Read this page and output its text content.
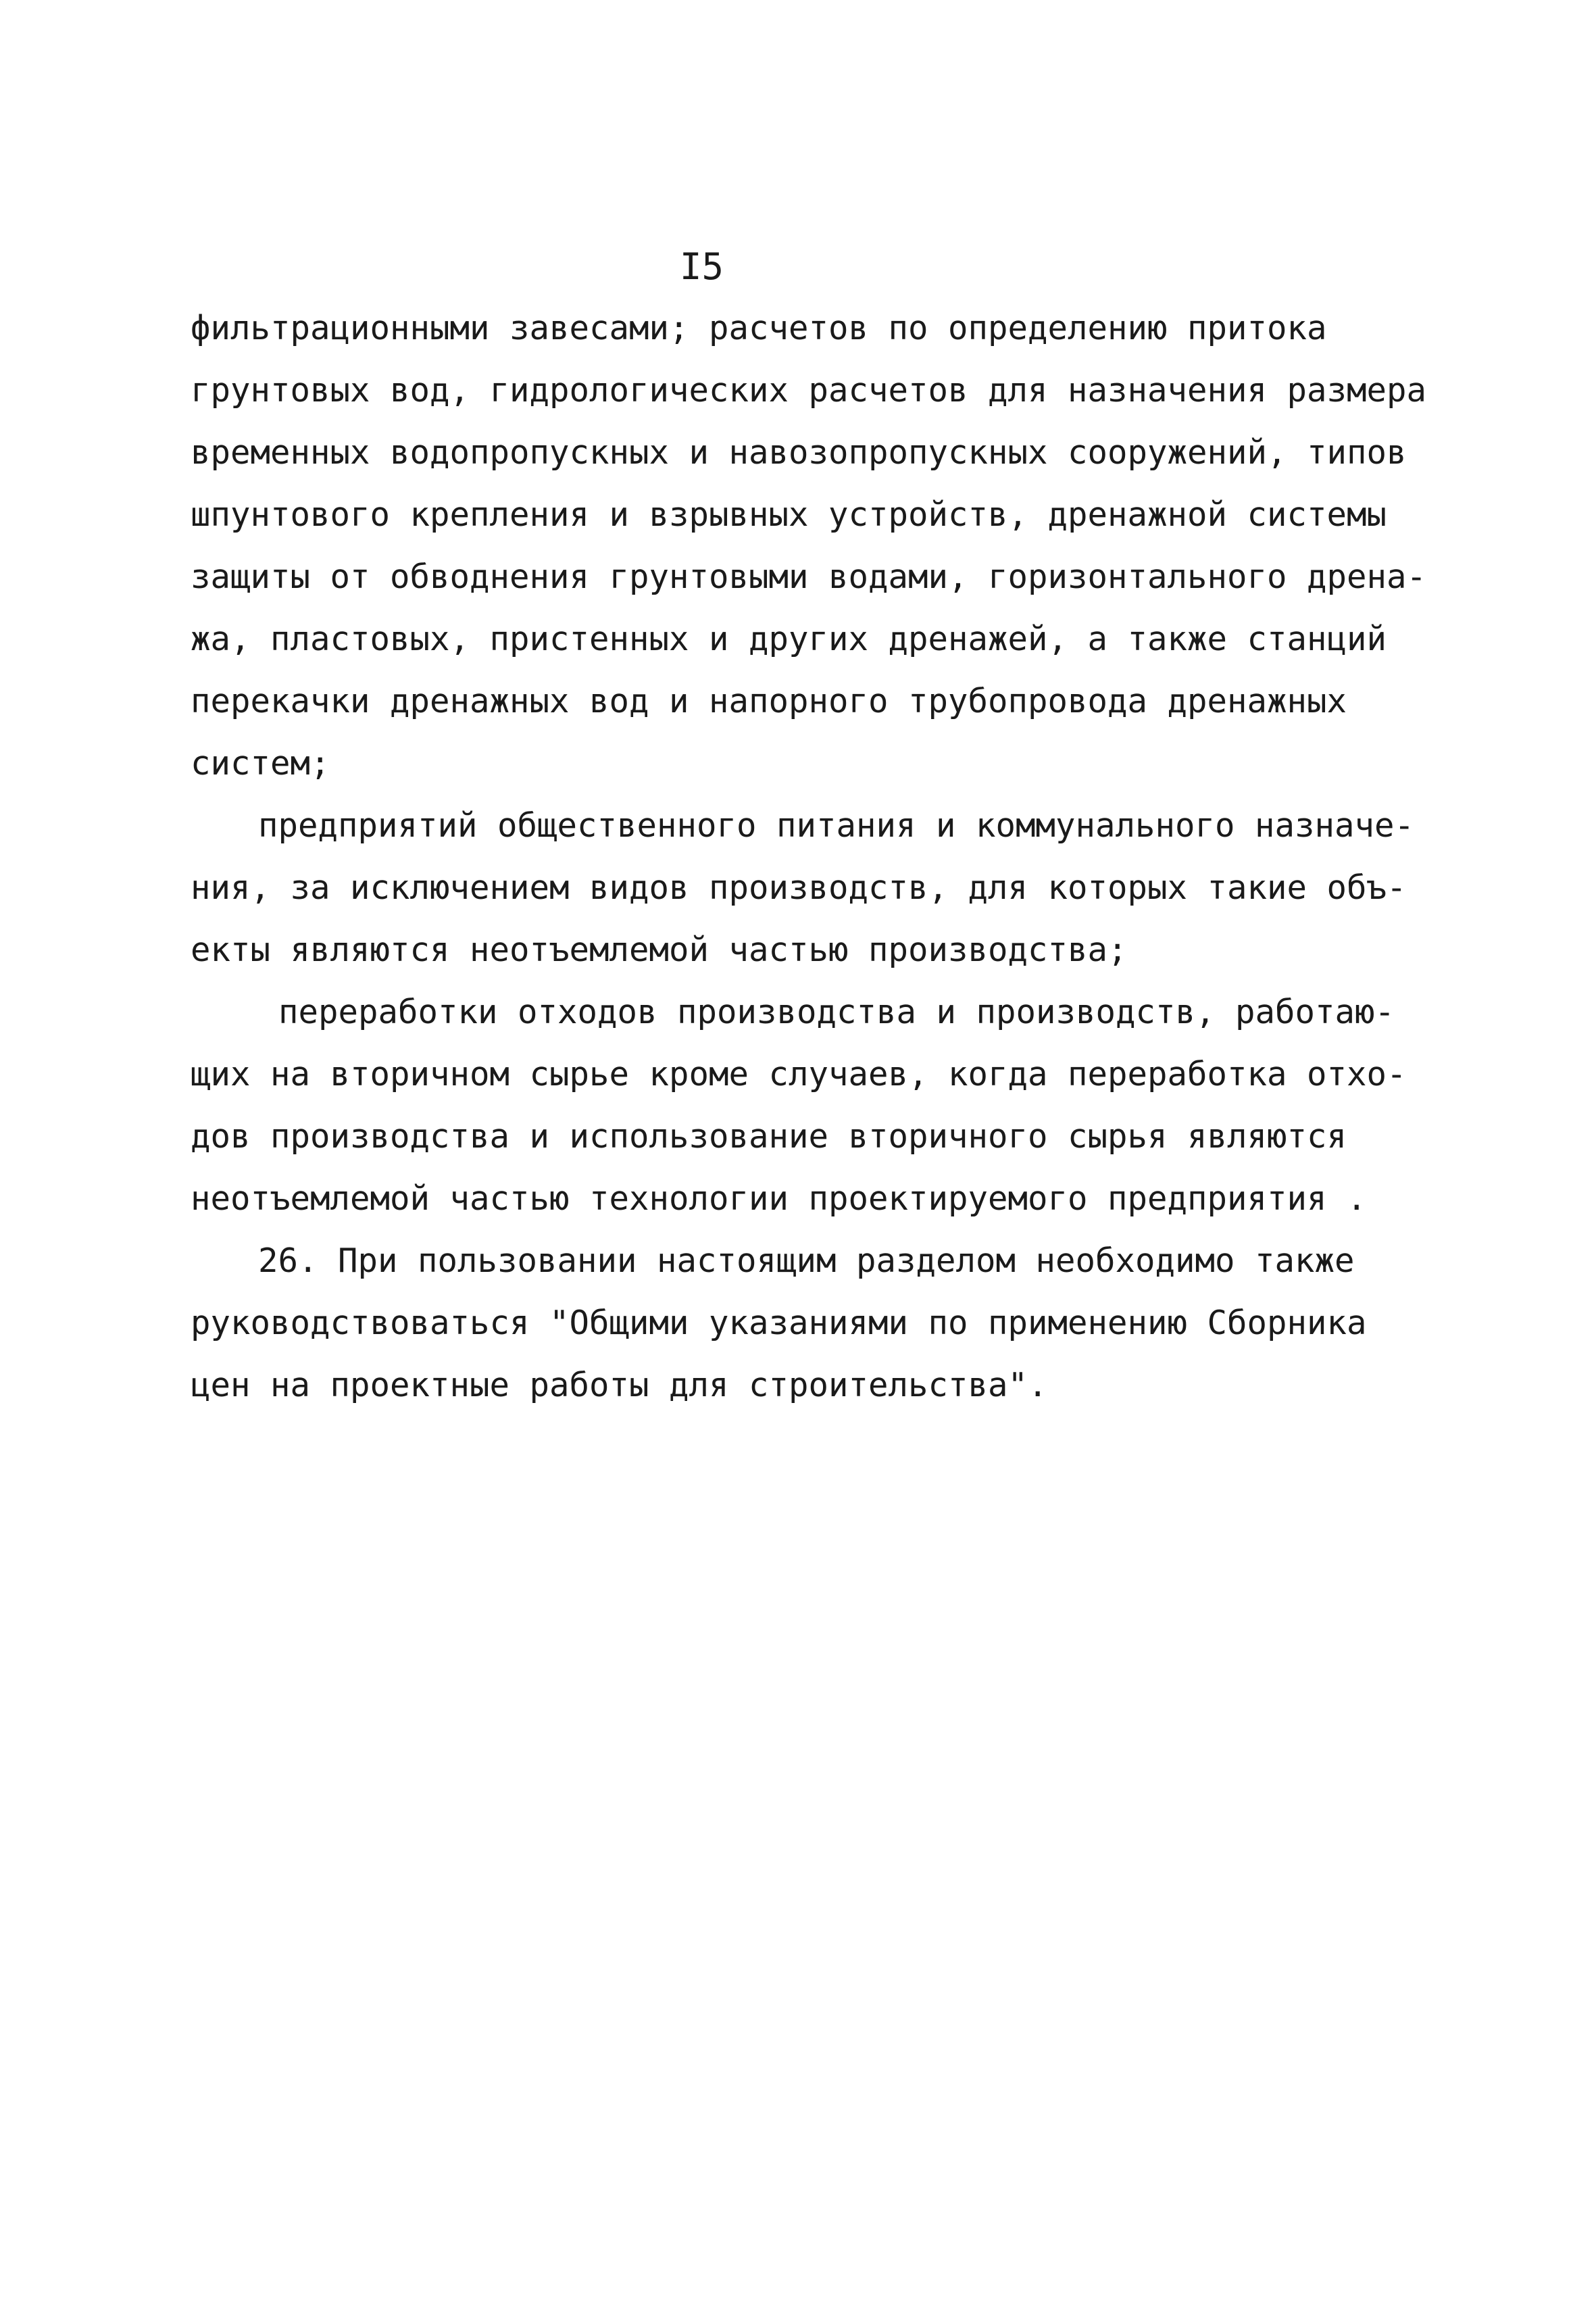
I5
фильтрационными завесами; расчетов по определению притока
грунтовых вод, гидрологических расчетов для назначения размера
временных водопропускных и навозопропускных сооружений, типов
шпунтового крепления и взрывных устройств, дренажной системы
защиты от обводнения грунтовыми водами, горизонтального дрена-
жа, пластовых, пристенных и других дренажей, а также станций
перекачки дренажных вод и напорного трубопровода дренажных
систем;
предприятий общественного питания и коммунального назначе-
ния, за исключением видов производств, для которых такие объ-
екты являются неотъемлемой частью производства;
переработки отходов производства и производств, работаю-
щих на вторичном сырье кроме случаев, когда переработка отхо-
дов производства и использование вторичного сырья являются
неотъемлемой частью технологии проектируемого предприятия .
26. При пользовании настоящим разделом необходимо также
руководствоваться "Общими указаниями по применению Сборника
цен на проектные работы для строительства".
